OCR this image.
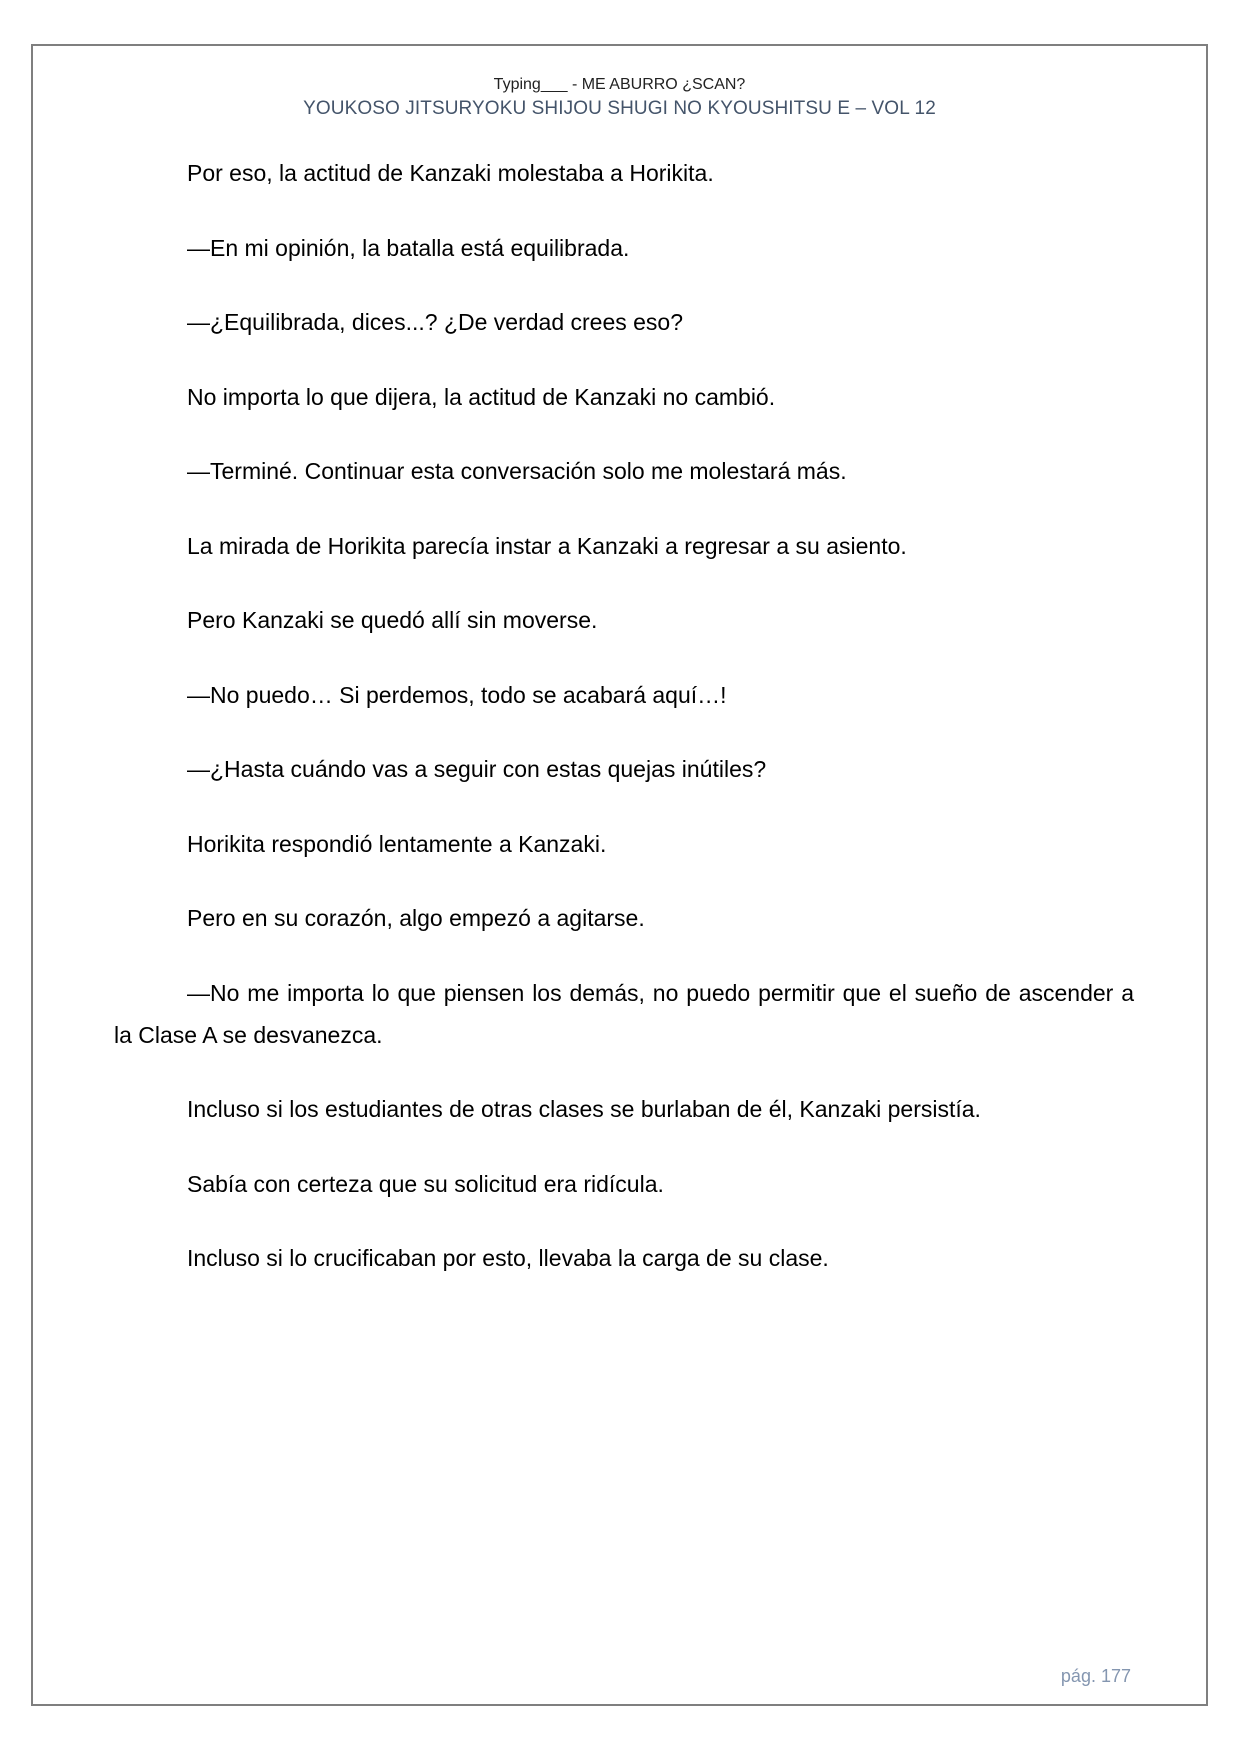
Typing___ - ME ABURRO ¿SCAN?
YOUKOSO JITSURYOKU SHIJOU SHUGI NO KYOUSHITSU E – VOL 12

Por eso, la actitud de Kanzaki molestaba a Horikita.

—En mi opinión, la batalla está equilibrada.

—¿Equilibrada, dices...? ¿De verdad crees eso?

No importa lo que dijera, la actitud de Kanzaki no cambió.

—Terminé. Continuar esta conversación solo me molestará más.

La mirada de Horikita parecía instar a Kanzaki a regresar a su asiento.

Pero Kanzaki se quedó allí sin moverse.

—No puedo… Si perdemos, todo se acabará aquí…!

—¿Hasta cuándo vas a seguir con estas quejas inútiles?

Horikita respondió lentamente a Kanzaki.

Pero en su corazón, algo empezó a agitarse.

—No me importa lo que piensen los demás, no puedo permitir que el sueño de ascender a la Clase A se desvanezca.

Incluso si los estudiantes de otras clases se burlaban de él, Kanzaki persistía.

Sabía con certeza que su solicitud era ridícula.

Incluso si lo crucificaban por esto, llevaba la carga de su clase.

pág. 177
